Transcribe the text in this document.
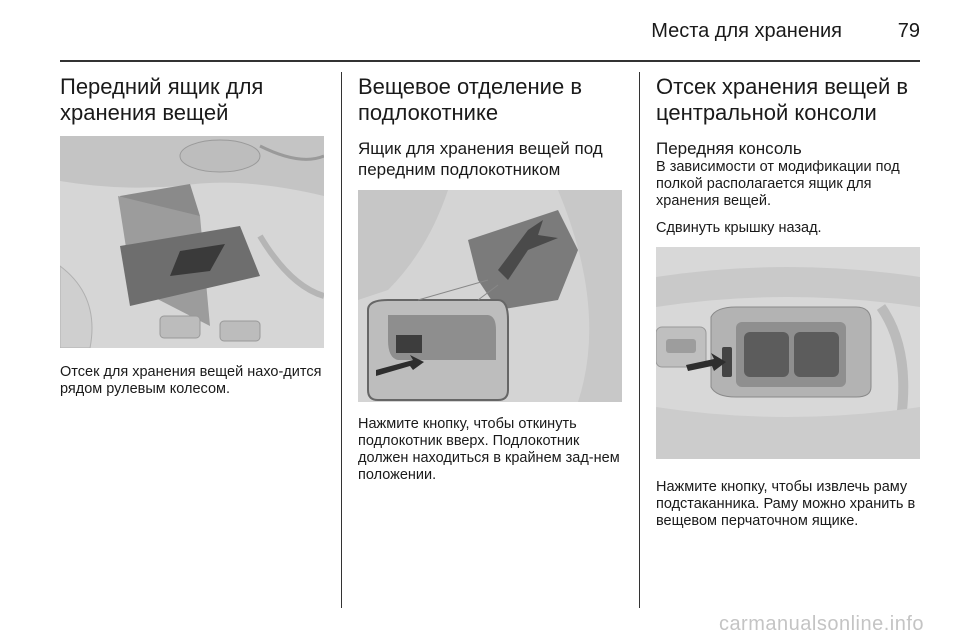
Места для хранения	79
Передний ящик для хранения вещей

Отсек для хранения вещей нахо-дится рядом рулевым колесом.

Вещевое отделение в подлокотнике
Ящик для хранения вещей под передним подлокотником

Нажмите кнопку, чтобы откинуть подлокотник вверх. Подлокотник должен находиться в крайнем зад-нем положении.

Отсек хранения вещей в центральной консоли
Передняя консоль

В зависимости от модификации под полкой располагается ящик для хранения вещей.

Сдвинуть крышку назад.

Нажмите кнопку, чтобы извлечь раму подстаканника. Раму можно хранить в вещевом перчаточном ящике.

carmanualsonline.info
